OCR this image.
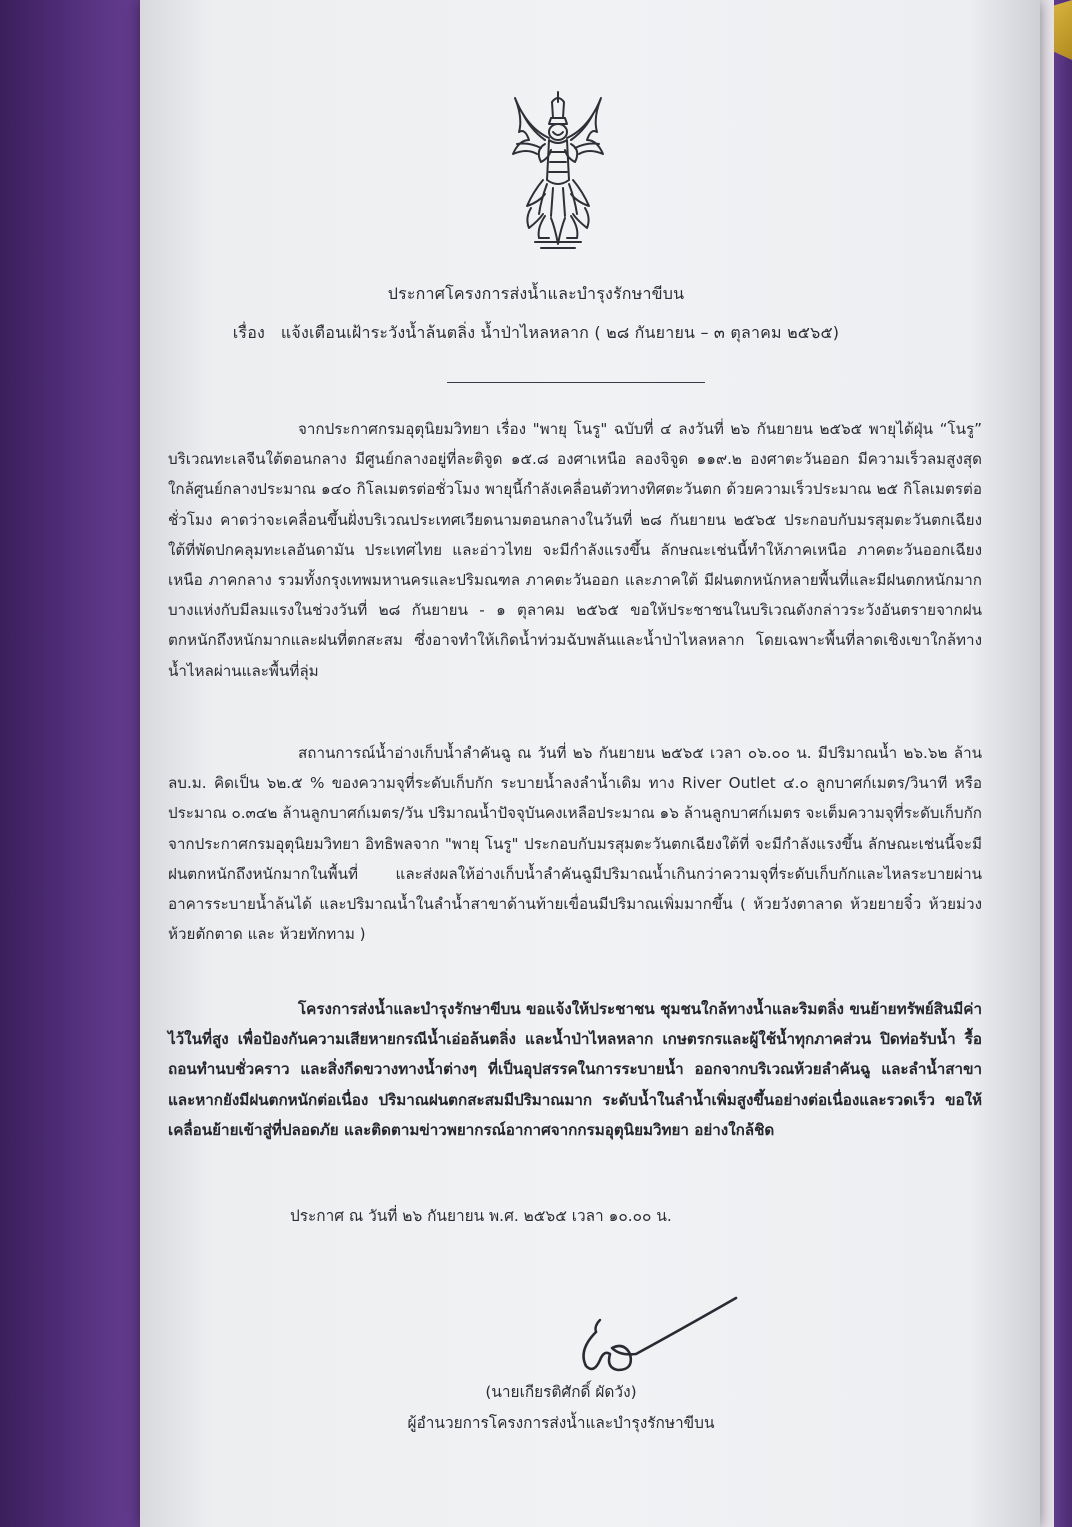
ประกาศโครงการส่งน้ำและบำรุงรักษาขีบน
เรื่อง แจ้งเตือนเฝ้าระวังน้ำล้นตลิ่ง น้ำป่าไหลหลาก ( ๒๘ กันยายน – ๓ ตุลาคม ๒๕๖๕)
จากประกาศกรมอุตุนิยมวิทยา เรื่อง "พายุ โนรู" ฉบับที่ ๔ ลงวันที่ ๒๖ กันยายน ๒๕๖๕ พายุได้ฝุ่น “โนรู” บริเวณทะเลจีนใต้ตอนกลาง มีศูนย์กลางอยู่ที่ละติจูด ๑๕.๘ องศาเหนือ ลองจิจูด ๑๑๙.๒ องศาตะวันออก มีความเร็วลมสูงสุดใกล้ศูนย์กลางประมาณ ๑๔๐ กิโลเมตรต่อชั่วโมง พายุนี้กำลังเคลื่อนตัวทางทิศตะวันตก ด้วยความเร็วประมาณ ๒๕ กิโลเมตรต่อชั่วโมง คาดว่าจะเคลื่อนขึ้นฝั่งบริเวณประเทศเวียดนามตอนกลางในวันที่ ๒๘ กันยายน ๒๕๖๕ ประกอบกับมรสุมตะวันตกเฉียงใต้ที่พัดปกคลุมทะเลอันดามัน ประเทศไทย และอ่าวไทย จะมีกำลังแรงขึ้น ลักษณะเช่นนี้ทำให้ภาคเหนือ ภาคตะวันออกเฉียงเหนือ ภาคกลาง รวมทั้งกรุงเทพมหานครและปริมณฑล ภาคตะวันออก และภาคใต้ มีฝนตกหนักหลายพื้นที่และมีฝนตกหนักมากบางแห่งกับมีลมแรงในช่วงวันที่ ๒๘ กันยายน - ๑ ตุลาคม ๒๕๖๕ ขอให้ประชาชนในบริเวณดังกล่าวระวังอันตรายจากฝนตกหนักถึงหนักมากและฝนที่ตกสะสม ซึ่งอาจทำให้เกิดน้ำท่วมฉับพลันและน้ำป่าไหลหลาก โดยเฉพาะพื้นที่ลาดเชิงเขาใกล้ทางน้ำไหลผ่านและพื้นที่ลุ่ม
สถานการณ์น้ำอ่างเก็บน้ำลำคันฉู ณ วันที่ ๒๖ กันยายน ๒๕๖๕ เวลา ๐๖.๐๐ น. มีปริมาณน้ำ ๒๖.๖๒ ล้าน ลบ.ม. คิดเป็น ๖๒.๕ % ของความจุที่ระดับเก็บกัก ระบายน้ำลงลำน้ำเดิม ทาง River Outlet ๔.๐ ลูกบาศก์เมตร/วินาที หรือประมาณ ๐.๓๔๒ ล้านลูกบาศก์เมตร/วัน ปริมาณน้ำปัจจุบันคงเหลือประมาณ ๑๖ ล้านลูกบาศก์เมตร จะเต็มความจุที่ระดับเก็บกัก จากประกาศกรมอุตุนิยมวิทยา อิทธิพลจาก "พายุ โนรู" ประกอบกับมรสุมตะวันตกเฉียงใต้ที่ จะมีกำลังแรงขึ้น ลักษณะเช่นนี้จะมีฝนตกหนักถึงหนักมากในพื้นที่ และส่งผลให้อ่างเก็บน้ำลำคันฉูมีปริมาณน้ำเกินกว่าความจุที่ระดับเก็บกักและไหลระบายผ่านอาคารระบายน้ำล้นได้ และปริมาณน้ำในลำน้ำสาขาด้านท้ายเขื่อนมีปริมาณเพิ่มมากขึ้น ( ห้วยวังตาลาด ห้วยยายจิ๋ว ห้วยม่วง ห้วยตักตาด และ ห้วยทักทาม )
โครงการส่งน้ำและบำรุงรักษาขีบน ขอแจ้งให้ประชาชน ชุมชนใกล้ทางน้ำและริมตลิ่ง ขนย้ายทรัพย์สินมีค่าไว้ในที่สูง เพื่อป้องกันความเสียหายกรณีน้ำเอ่อล้นตลิ่ง และน้ำป่าไหลหลาก เกษตรกรและผู้ใช้น้ำทุกภาคส่วน ปิดท่อรับน้ำ รื้อถอนทำนบชั่วคราว และสิ่งกีดขวางทางน้ำต่างๆ ที่เป็นอุปสรรคในการระบายน้ำ ออกจากบริเวณห้วยลำคันฉู และลำน้ำสาขา และหากยังมีฝนตกหนักต่อเนื่อง ปริมาณฝนตกสะสมมีปริมาณมาก ระดับน้ำในลำน้ำเพิ่มสูงขึ้นอย่างต่อเนื่องและรวดเร็ว ขอให้เคลื่อนย้ายเข้าสู่ที่ปลอดภัย และติดตามข่าวพยากรณ์อากาศจากกรมอุตุนิยมวิทยา อย่างใกล้ชิด
ประกาศ ณ วันที่ ๒๖ กันยายน พ.ศ. ๒๕๖๕ เวลา ๑๐.๐๐ น.
(นายเกียรติศักดิ์ ผัดวัง)
ผู้อำนวยการโครงการส่งน้ำและบำรุงรักษาขีบน
